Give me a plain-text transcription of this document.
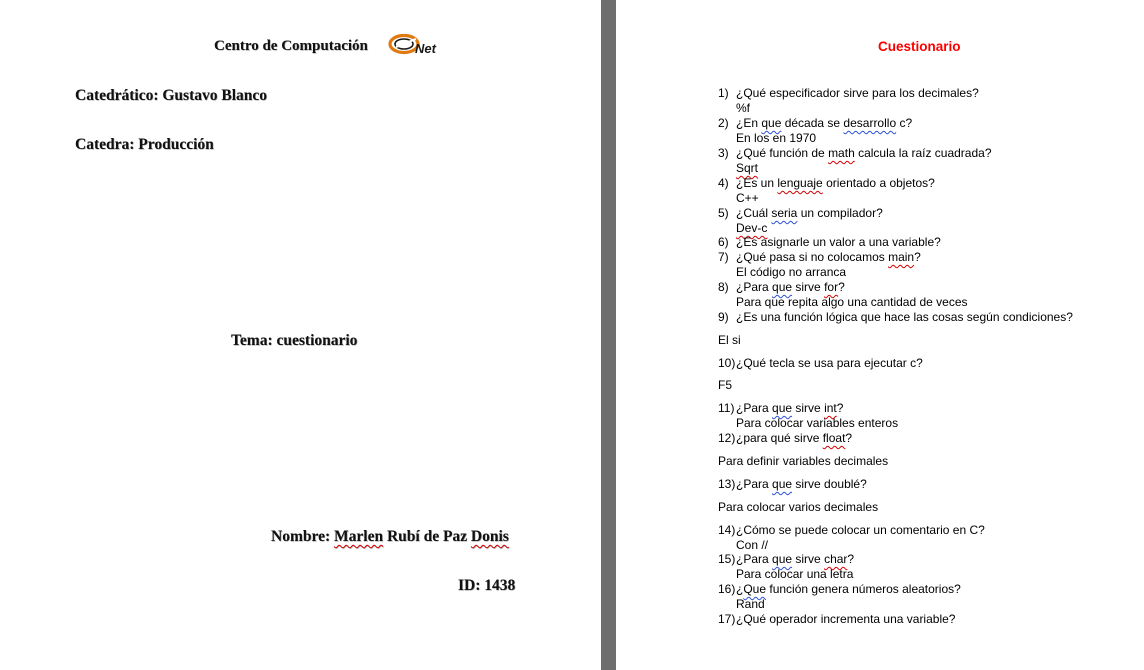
Centro de Computación	Net
Catedrático: Gustavo Blanco
Catedra: Producción
Tema: cuestionario
Nombre: Marlen Rubí de Paz Donis
ID: 1438
Cuestionario
1) ¿Qué especificador sirve para los decimales?
%f
2) ¿En que década se desarrollo c?
En los en 1970
3) ¿Qué función de math calcula la raíz cuadrada?
Sqrt
4) ¿Es un lenguaje orientado a objetos?
C++
5) ¿Cuál seria un compilador?
Dev-c
6) ¿Es asignarle un valor a una variable?
7) ¿Qué pasa si no colocamos main?
El código no arranca
8) ¿Para que sirve for?
Para que repita algo una cantidad de veces
9) ¿Es una función lógica que hace las cosas según condiciones?
El si
10) ¿Qué tecla se usa para ejecutar c?
F5
11) ¿Para que sirve int?
Para colocar variables enteros
12) ¿para qué sirve float?
Para definir variables decimales
13) ¿Para que sirve doublé?
Para colocar varios decimales
14) ¿Cómo se puede colocar un comentario en C?
Con //
15) ¿Para que sirve char?
Para colocar una letra
16) ¿Que función genera números aleatorios?
Rand
17) ¿Qué operador incrementa una variable?
